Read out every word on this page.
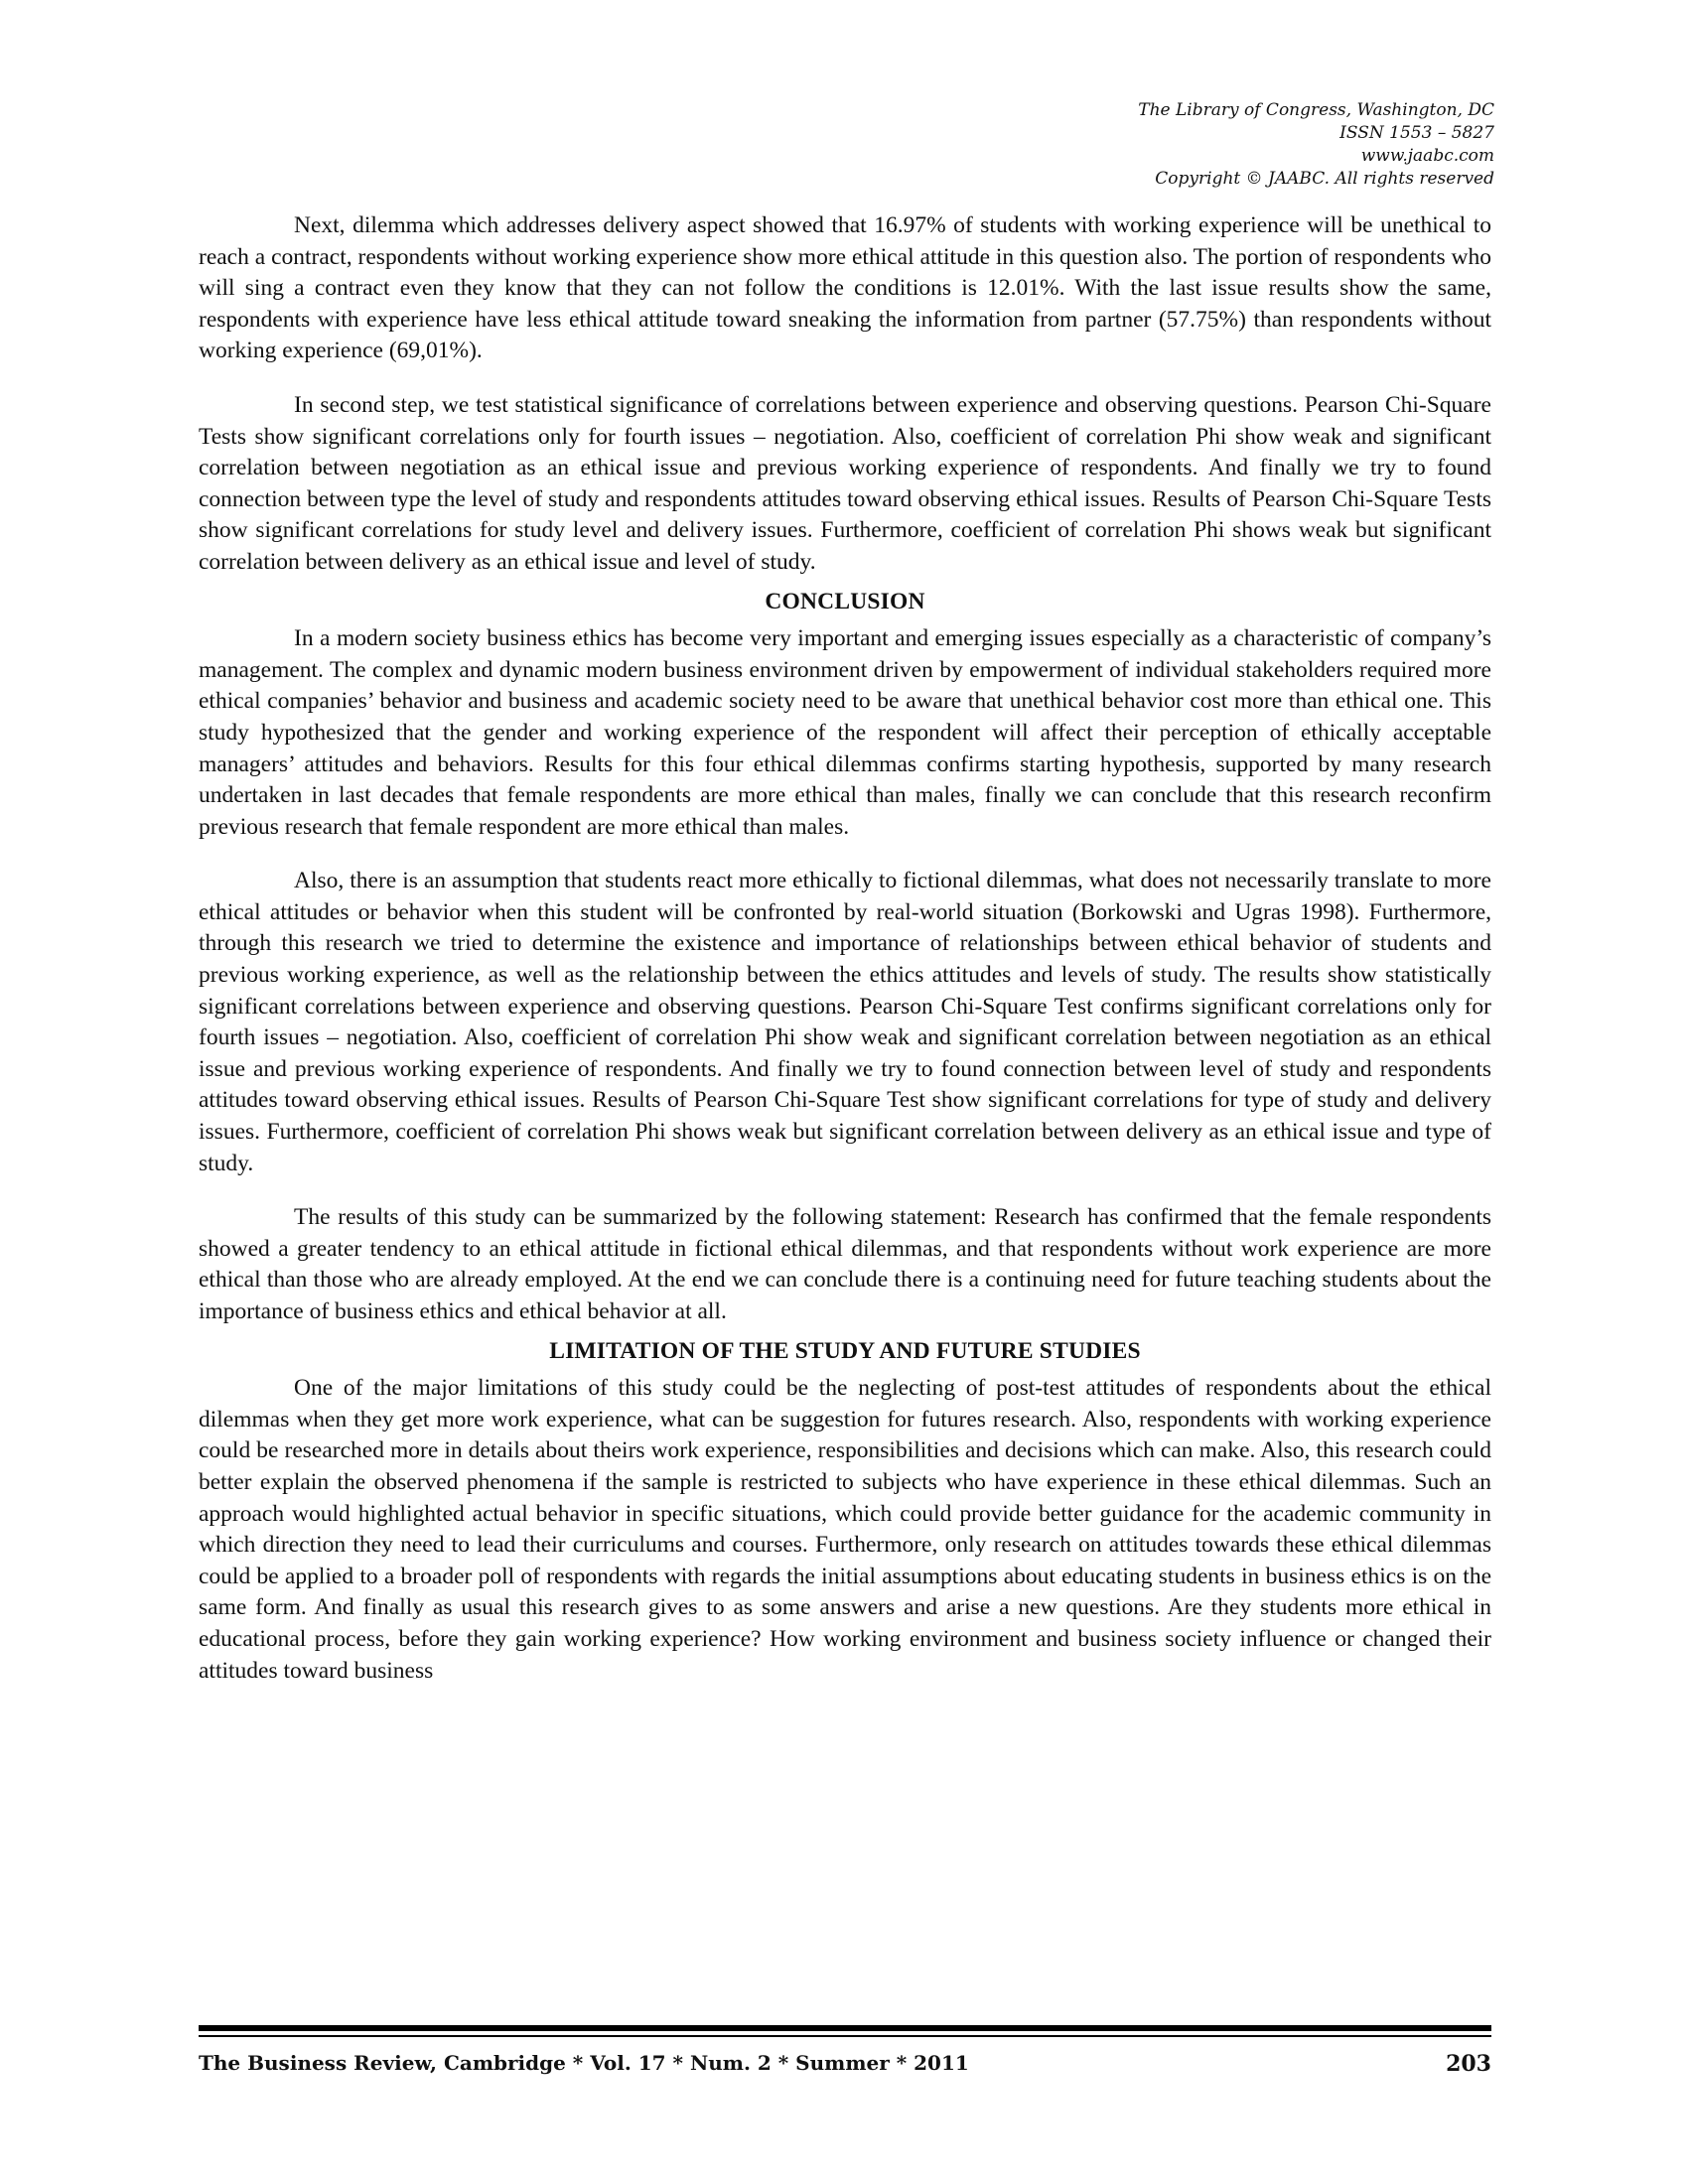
The Library of Congress, Washington, DC
ISSN 1553 – 5827
www.jaabc.com
Copyright © JAABC. All rights reserved

Next, dilemma which addresses delivery aspect showed that 16.97% of students with working experience will be unethical to reach a contract, respondents without working experience show more ethical attitude in this question also. The portion of respondents who will sing a contract even they know that they can not follow the conditions is 12.01%. With the last issue results show the same, respondents with experience have less ethical attitude toward sneaking the information from partner (57.75%) than respondents without working experience (69,01%).

In second step, we test statistical significance of correlations between experience and observing questions. Pearson Chi-Square Tests show significant correlations only for fourth issues – negotiation. Also, coefficient of correlation Phi show weak and significant correlation between negotiation as an ethical issue and previous working experience of respondents. And finally we try to found connection between type the level of study and respondents attitudes toward observing ethical issues. Results of Pearson Chi-Square Tests show significant correlations for study level and delivery issues. Furthermore, coefficient of correlation Phi shows weak but significant correlation between delivery as an ethical issue and level of study.

CONCLUSION

In a modern society business ethics has become very important and emerging issues especially as a characteristic of company’s management. The complex and dynamic modern business environment driven by empowerment of individual stakeholders required more ethical companies’ behavior and business and academic society need to be aware that unethical behavior cost more than ethical one. This study hypothesized that the gender and working experience of the respondent will affect their perception of ethically acceptable managers’ attitudes and behaviors. Results for this four ethical dilemmas confirms starting hypothesis, supported by many research undertaken in last decades that female respondents are more ethical than males, finally we can conclude that this research reconfirm previous research that female respondent are more ethical than males.

Also, there is an assumption that students react more ethically to fictional dilemmas, what does not necessarily translate to more ethical attitudes or behavior when this student will be confronted by real-world situation (Borkowski and Ugras 1998). Furthermore, through this research we tried to determine the existence and importance of relationships between ethical behavior of students and previous working experience, as well as the relationship between the ethics attitudes and levels of study. The results show statistically significant correlations between experience and observing questions. Pearson Chi-Square Test confirms significant correlations only for fourth issues – negotiation. Also, coefficient of correlation Phi show weak and significant correlation between negotiation as an ethical issue and previous working experience of respondents. And finally we try to found connection between level of study and respondents attitudes toward observing ethical issues. Results of Pearson Chi-Square Test show significant correlations for type of study and delivery issues. Furthermore, coefficient of correlation Phi shows weak but significant correlation between delivery as an ethical issue and type of study.

The results of this study can be summarized by the following statement: Research has confirmed that the female respondents showed a greater tendency to an ethical attitude in fictional ethical dilemmas, and that respondents without work experience are more ethical than those who are already employed. At the end we can conclude there is a continuing need for future teaching students about the importance of business ethics and ethical behavior at all.

LIMITATION OF THE STUDY AND FUTURE STUDIES

One of the major limitations of this study could be the neglecting of post-test attitudes of respondents about the ethical dilemmas when they get more work experience, what can be suggestion for futures research. Also, respondents with working experience could be researched more in details about theirs work experience, responsibilities and decisions which can make. Also, this research could better explain the observed phenomena if the sample is restricted to subjects who have experience in these ethical dilemmas. Such an approach would highlighted actual behavior in specific situations, which could provide better guidance for the academic community in which direction they need to lead their curriculums and courses. Furthermore, only research on attitudes towards these ethical dilemmas could be applied to a broader poll of respondents with regards the initial assumptions about educating students in business ethics is on the same form. And finally as usual this research gives to as some answers and arise a new questions. Are they students more ethical in educational process, before they gain working experience? How working environment and business society influence or changed their attitudes toward business

The Business Review, Cambridge * Vol. 17 * Num. 2 * Summer * 2011	203
